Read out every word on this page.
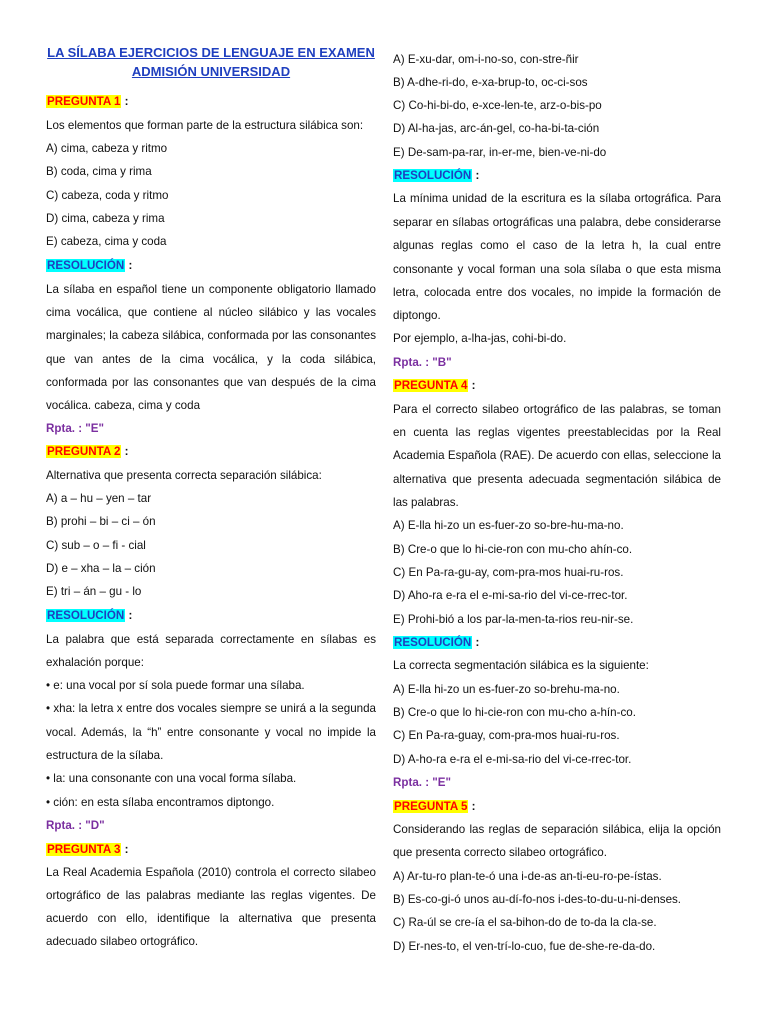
LA SÍLABA EJERCICIOS DE LENGUAJE EN EXAMEN
ADMISIÓN UNIVERSIDAD
PREGUNTA 1 :
Los elementos que forman parte de la estructura silábica son:
A) cima, cabeza y ritmo
B) coda, cima y rima
C) cabeza, coda y ritmo
D) cima, cabeza y rima
E) cabeza, cima y coda
RESOLUCIÓN :
La sílaba en español tiene un componente obligatorio llamado
cima vocálica, que contiene al núcleo silábico y las vocales
marginales; la cabeza silábica, conformada por las consonantes
que van antes de la cima vocálica, y la coda silábica,
conformada por las consonantes que van después de la cima
vocálica. cabeza, cima y coda
Rpta. : "E"
PREGUNTA 2 :
Alternativa que presenta correcta separación silábica:
A) a – hu – yen – tar
B) prohi – bi – ci – ón
C) sub – o – fi - cial
D) e – xha – la – ción
E) tri – án – gu - lo
RESOLUCIÓN :
La palabra que está separada correctamente en sílabas es
exhalación porque:
• e: una vocal por sí sola puede formar una sílaba.
• xha: la letra x entre dos vocales siempre se unirá a la segunda
vocal. Además, la “h” entre consonante y vocal no impide la
estructura de la sílaba.
• la: una consonante con una vocal forma sílaba.
• ción: en esta sílaba encontramos diptongo.
Rpta. : "D"
PREGUNTA 3 :
La Real Academia Española (2010) controla el correcto silabeo
ortográfico de las palabras mediante las reglas vigentes. De
acuerdo con ello, identifique la alternativa que presenta
adecuado silabeo ortográfico.
A) E-xu-dar, om-i-no-so, con-stre-ñir
B) A-dhe-ri-do, e-xa-brup-to, oc-ci-sos
C) Co-hi-bi-do, e-xce-len-te, arz-o-bis-po
D) Al-ha-jas, arc-án-gel, co-ha-bi-ta-ción
E) De-sam-pa-rar, in-er-me, bien-ve-ni-do
RESOLUCIÓN :
La mínima unidad de la escritura es la sílaba ortográfica. Para
separar en sílabas ortográficas una palabra, debe considerarse
algunas reglas como el caso de la letra h, la cual entre
consonante y vocal forman una sola sílaba o que esta misma
letra, colocada entre dos vocales, no impide la formación de
diptongo.
Por ejemplo, a-lha-jas, cohi-bi-do.
Rpta. : "B"
PREGUNTA 4 :
Para el correcto silabeo ortográfico de las palabras, se toman
en cuenta las reglas vigentes preestablecidas por la Real
Academia Española (RAE). De acuerdo con ellas, seleccione la
alternativa que presenta adecuada segmentación silábica de
las palabras.
A) E-lla hi-zo un es-fuer-zo so-bre-hu-ma-no.
B) Cre-o que lo hi-cie-ron con mu-cho ahín-co.
C) En Pa-ra-gu-ay, com-pra-mos huai-ru-ros.
D) Aho-ra e-ra el e-mi-sa-rio del vi-ce-rrec-tor.
E) Prohi-bió a los par-la-men-ta-rios reu-nir-se.
RESOLUCIÓN :
La correcta segmentación silábica es la siguiente:
A) E-lla hi-zo un es-fuer-zo so-brehu-ma-no.
B) Cre-o que lo hi-cie-ron con mu-cho a-hín-co.
C) En Pa-ra-guay, com-pra-mos huai-ru-ros.
D) A-ho-ra e-ra el e-mi-sa-rio del vi-ce-rrec-tor.
Rpta. : "E"
PREGUNTA 5 :
Considerando las reglas de separación silábica, elija la opción
que presenta correcto silabeo ortográfico.
A) Ar-tu-ro plan-te-ó una i-de-as an-ti-eu-ro-pe-ístas.
B) Es-co-gi-ó unos au-dí-fo-nos i-des-to-du-u-ni-denses.
C) Ra-úl se cre-ía el sa-bihon-do de to-da la cla-se.
D) Er-nes-to, el ven-trí-lo-cuo, fue de-she-re-da-do.
